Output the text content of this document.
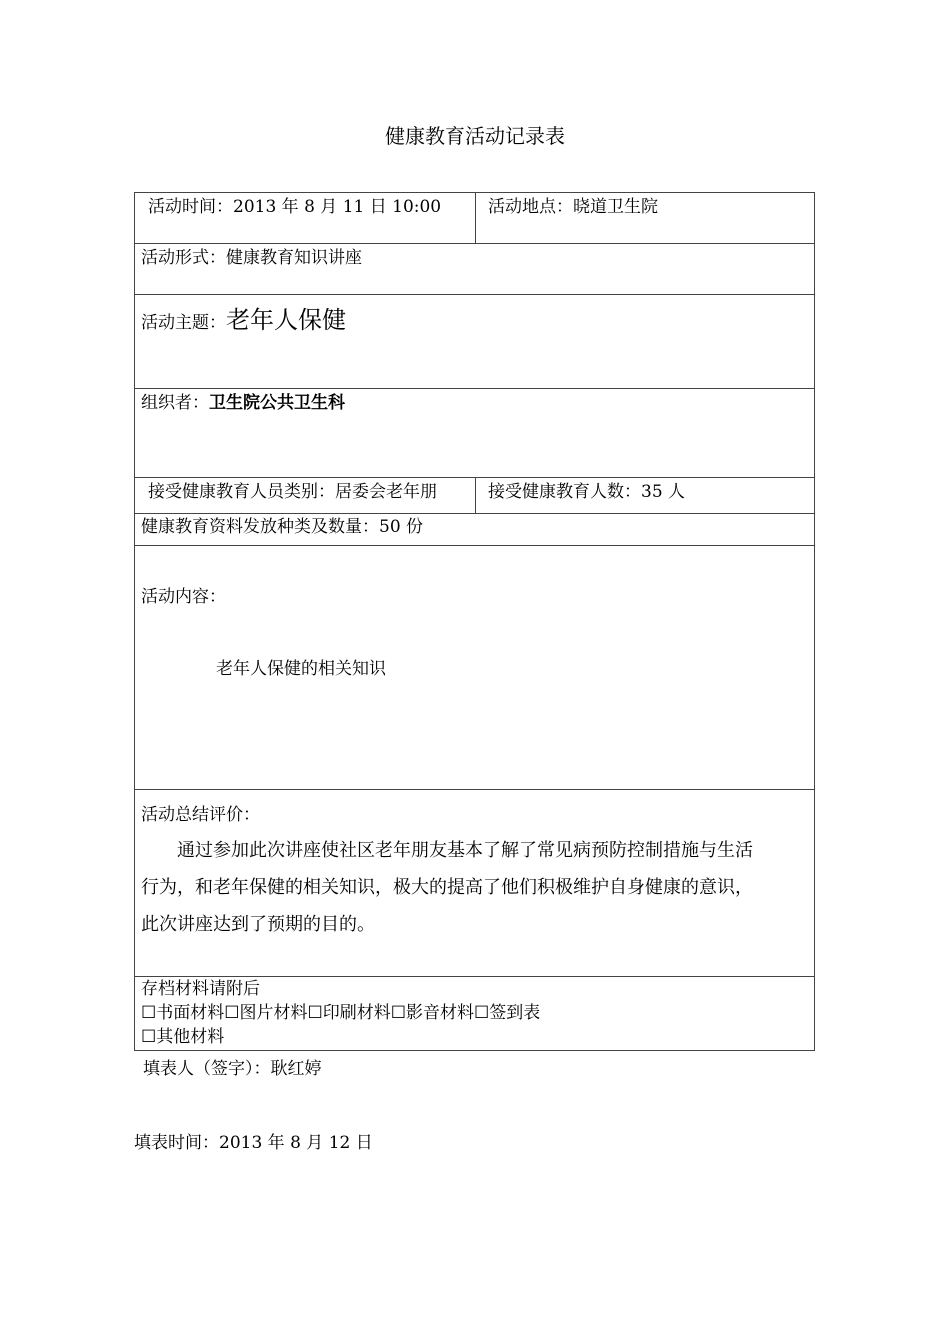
健康教育活动记录表
活动时间：2013 年 8 月 11 日 10:00	活动地点：晓道卫生院
活动形式：健康教育知识讲座
活动主题：老年人保健
组织者：卫生院公共卫生科
接受健康教育人员类别：居委会老年朋	接受健康教育人数：35 人
健康教育资料发放种类及数量：50 份
活动内容：
老年人保健的相关知识
活动总结评价：
　　通过参加此次讲座使社区老年朋友基本了解了常见病预防控制措施与生活
行为，和老年保健的相关知识，极大的提高了他们积极维护自身健康的意识，
此次讲座达到了预期的目的。
存档材料请附后
☐书面材料☐图片材料☐印刷材料☐影音材料☐签到表
☐其他材料
填表人（签字）：耿红婷
填表时间：2013 年 8 月 12 日
